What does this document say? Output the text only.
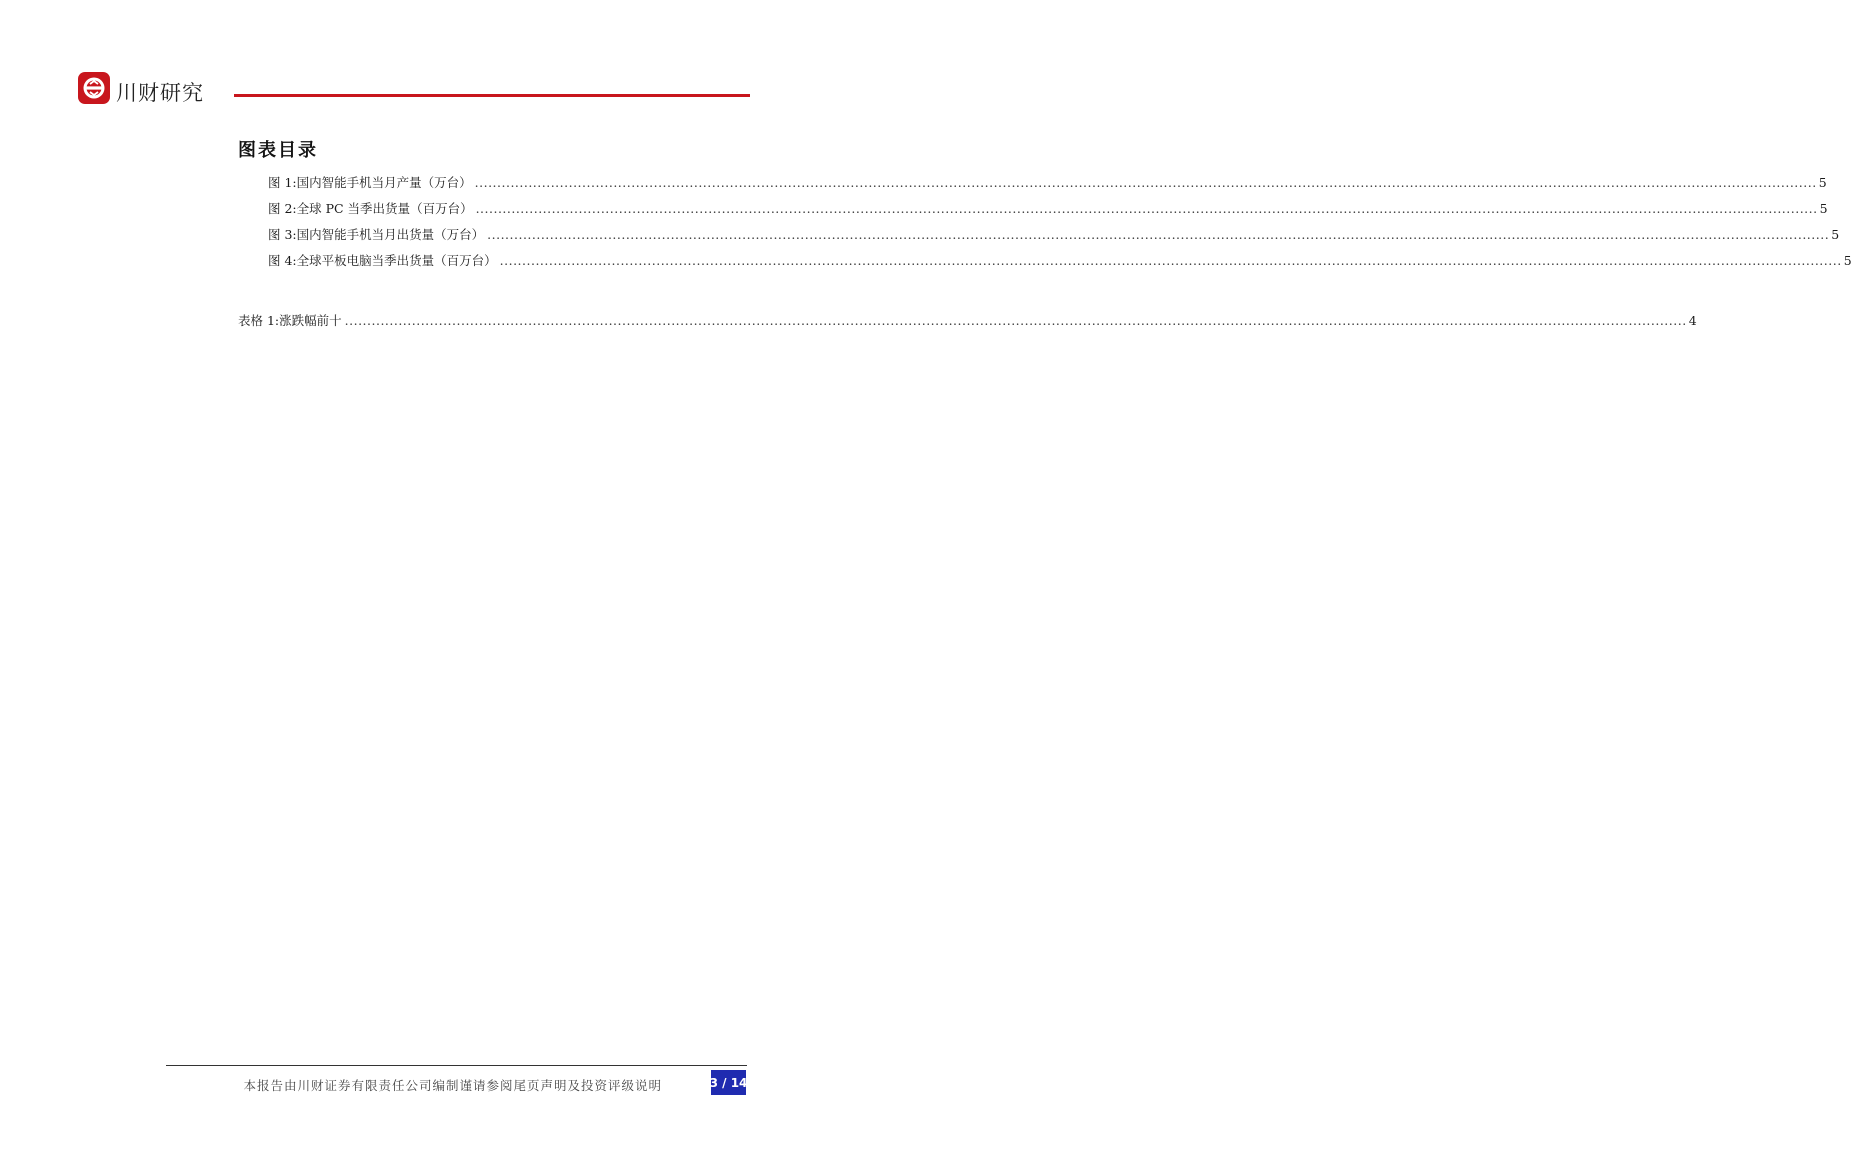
川财研究
图表目录
图 1: 国内智能手机当月产量（万台） ............................................................................................................................................................................................................................................................................................................ 5
图 2: 全球 PC 当季出货量（百万台） ............................................................................................................................................................................................................................................................................................................ 5
图 3: 国内智能手机当月出货量（万台） ............................................................................................................................................................................................................................................................................................................ 5
图 4: 全球平板电脑当季出货量（百万台） ............................................................................................................................................................................................................................................................................................................ 5
表格 1: 涨跌幅前十 ............................................................................................................................................................................................................................................................................................................ 4
本报告由川财证券有限责任公司编制谨请参阅尾页声明及投资评级说明	3 / 14
